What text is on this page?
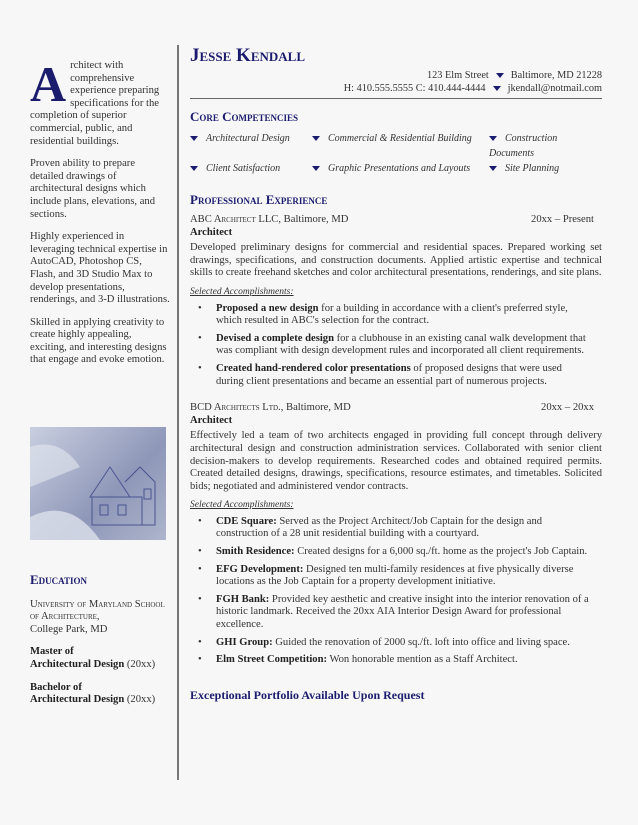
Architect with comprehensive experience preparing specifications for the completion of superior commercial, public, and residential buildings.

Proven ability to prepare detailed drawings of architectural designs which include plans, elevations, and sections.

Highly experienced in leveraging technical expertise in AutoCAD, Photoshop CS, Flash, and 3D Studio Max to develop presentations, renderings, and 3-D illustrations.

Skilled in applying creativity to create highly appealing, exciting, and interesting designs that engage and evoke emotion.

Education

University of Maryland School of Architecture,
College Park, MD

Master of
Architectural Design (20xx)

Bachelor of
Architectural Design (20xx)

Jesse Kendall
123 Elm Street Baltimore, MD 21228
H: 410.555.5555 C: 410.444-4444 jkendall@notmail.com
Core Competencies
Architectural Design	Commercial & Residential Building	Construction Documents
Client Satisfaction	Graphic Presentations and Layouts	Site Planning
Professional Experience
ABC Architect LLC, Baltimore, MD	20xx – Present
Architect

Developed preliminary designs for commercial and residential spaces. Prepared working set drawings, specifications, and construction documents. Applied artistic expertise and technical skills to create freehand sketches and color architectural presentations, renderings, and site plans.

Selected Accomplishments:
• Proposed a new design for a building in accordance with a client's preferred style, which resulted in ABC's selection for the contract.
• Devised a complete design for a clubhouse in an existing canal walk development that was compliant with design development rules and incorporated all client requirements.
• Created hand-rendered color presentations of proposed designs that were used during client presentations and became an essential part of numerous projects.
BCD Architects Ltd., Baltimore, MD	20xx – 20xx
Architect

Effectively led a team of two architects engaged in providing full concept through delivery architectural design and construction administration services. Collaborated with senior client decision-makers to develop requirements. Researched codes and obtained required permits. Created detailed designs, drawings, specifications, resource estimates, and timetables. Solicited bids; negotiated and administered vendor contracts.

Selected Accomplishments:
• CDE Square: Served as the Project Architect/Job Captain for the design and construction of a 28 unit residential building with a courtyard.
• Smith Residence: Created designs for a 6,000 sq./ft. home as the project's Job Captain.
• EFG Development: Designed ten multi-family residences at five physically diverse locations as the Job Captain for a property development initiative.
• FGH Bank: Provided key aesthetic and creative insight into the interior renovation of a historic landmark. Received the 20xx AIA Interior Design Award for professional excellence.
• GHI Group: Guided the renovation of 2000 sq./ft. loft into office and living space.
• Elm Street Competition: Won honorable mention as a Staff Architect.
Exceptional Portfolio Available Upon Request
